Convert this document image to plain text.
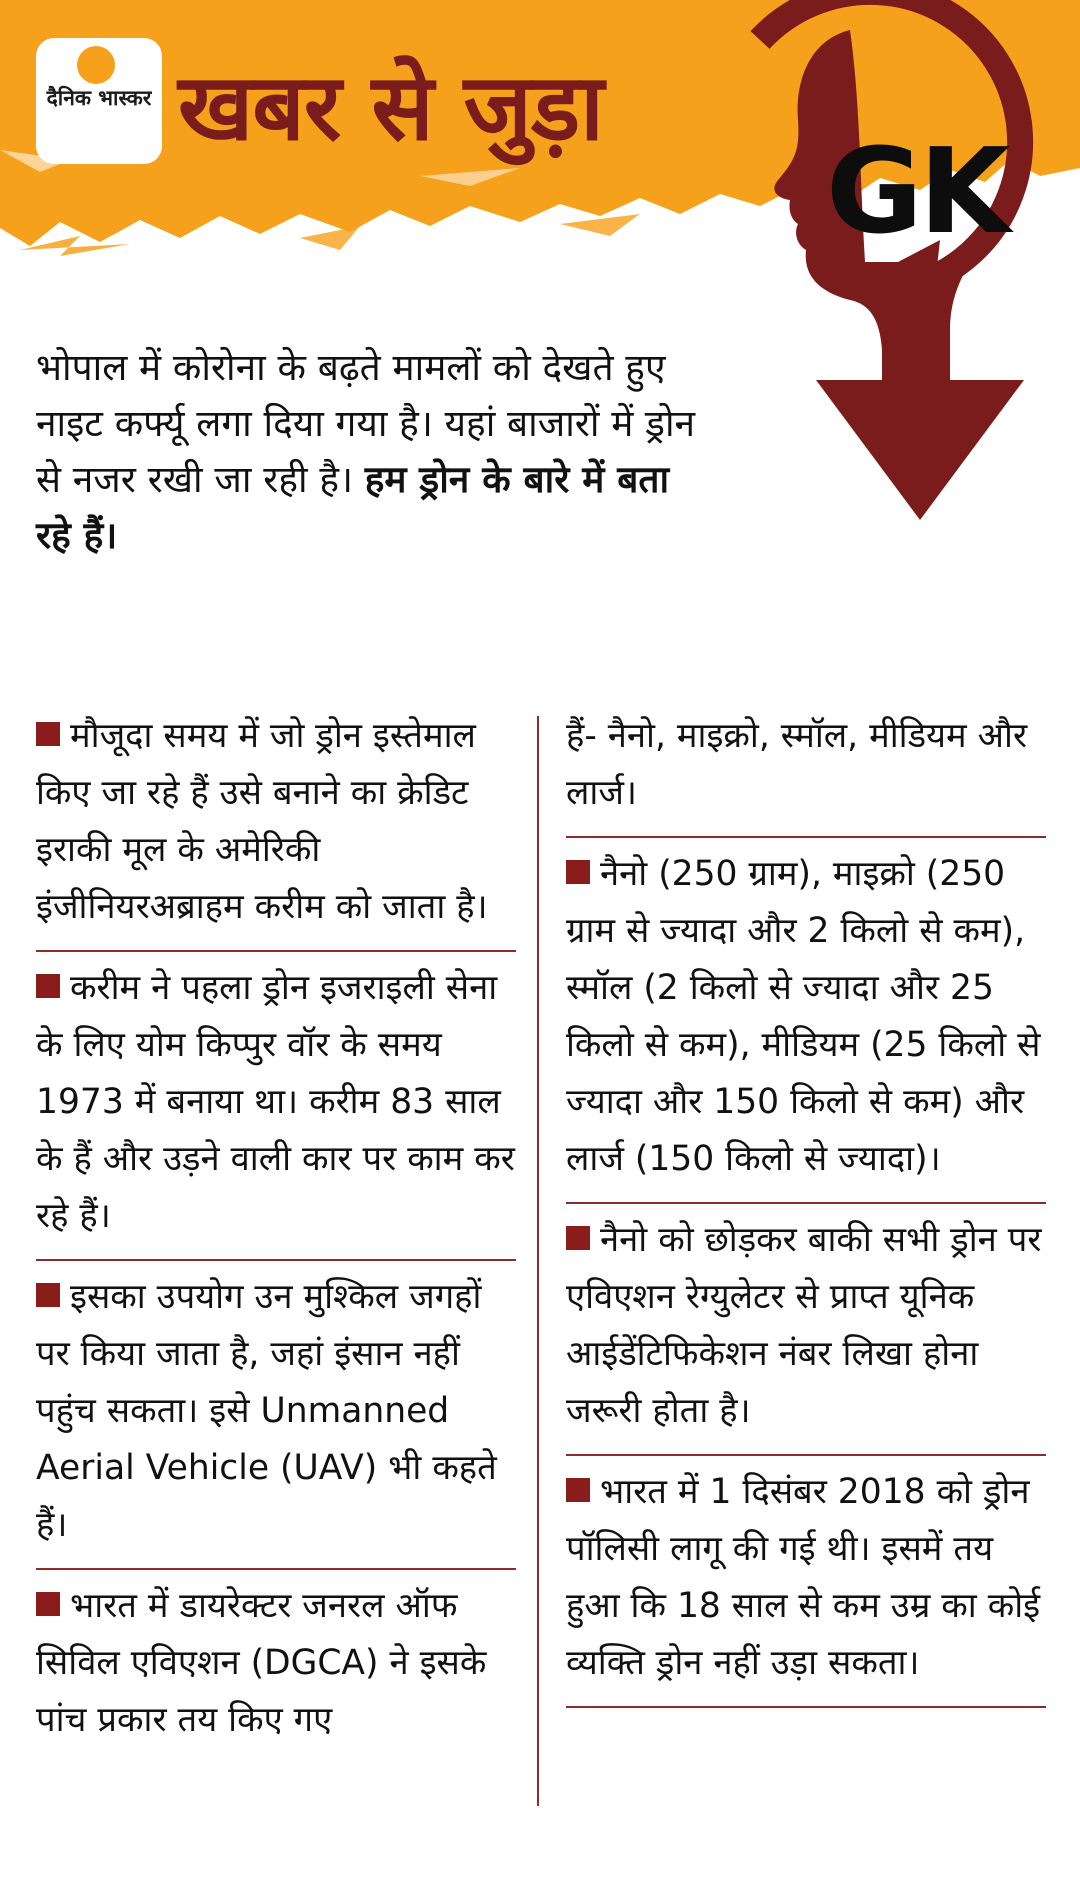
दैनिक भास्कर खबर से जुड़ा
GK
भोपाल में कोरोना के बढ़ते मामलों को देखते हुए नाइट कर्फ्यू लगा दिया गया है। यहां बाजारों में ड्रोन से नजर रखी जा रही है। हम ड्रोन के बारे में बता रहे हैं।

मौजूदा समय में जो ड्रोन इस्तेमाल किए जा रहे हैं उसे बनाने का क्रेडिट इराकी मूल के अमेरिकी इंजीनियरअब्राहम करीम को जाता है।

करीम ने पहला ड्रोन इजराइली सेना के लिए योम किप्पुर वॉर के समय 1973 में बनाया था। करीम 83 साल के हैं और उड़ने वाली कार पर काम कर रहे हैं।

इसका उपयोग उन मुश्किल जगहों पर किया जाता है, जहां इंसान नहीं पहुंच सकता। इसे Unmanned Aerial Vehicle (UAV) भी कहते हैं।

भारत में डायरेक्टर जनरल ऑफ सिविल एविएशन (DGCA) ने इसके पांच प्रकार तय किए गए

हैं- नैनो, माइक्रो, स्मॉल, मीडियम और लार्ज।

नैनो (250 ग्राम), माइक्रो (250 ग्राम से ज्यादा और 2 किलो से कम), स्मॉल (2 किलो से ज्यादा और 25 किलो से कम), मीडियम (25 किलो से ज्यादा और 150 किलो से कम) और लार्ज (150 किलो से ज्यादा)।

नैनो को छोड़कर बाकी सभी ड्रोन पर एविएशन रेग्युलेटर से प्राप्त यूनिक आईडेंटिफिकेशन नंबर लिखा होना जरूरी होता है।

भारत में 1 दिसंबर 2018 को ड्रोन पॉलिसी लागू की गई थी। इसमें तय हुआ कि 18 साल से कम उम्र का कोई व्यक्ति ड्रोन नहीं उड़ा सकता।
